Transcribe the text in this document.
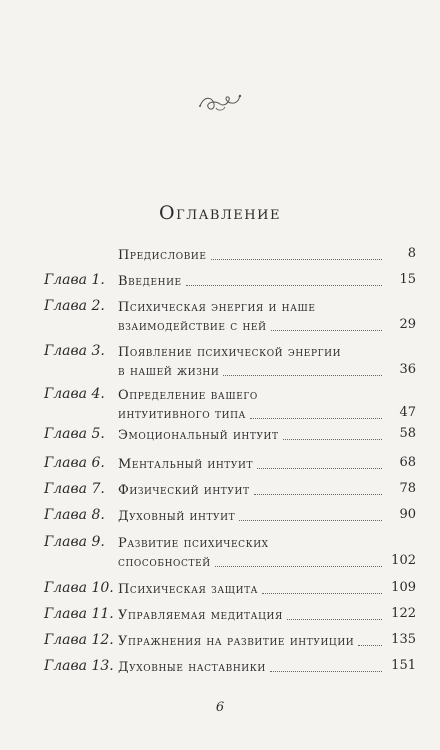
Оглавление
Предисловие	8
Глава 1. Введение	15
Глава 2. Психическая энергия и наше
взаимодействие с ней	29
Глава 3. Появление психической энергии
в нашей жизни	36
Глава 4. Определение вашего
интуитивного типа	47
Глава 5. Эмоциональный интуит	58
Глава 6. Ментальный интуит	68
Глава 7. Физический интуит	78
Глава 8. Духовный интуит	90
Глава 9. Развитие психических
способностей	102
Глава 10. Психическая защита	109
Глава 11. Управляемая медитация	122
Глава 12. Упражнения на развитие интуиции	135
Глава 13. Духовные наставники	151
6
